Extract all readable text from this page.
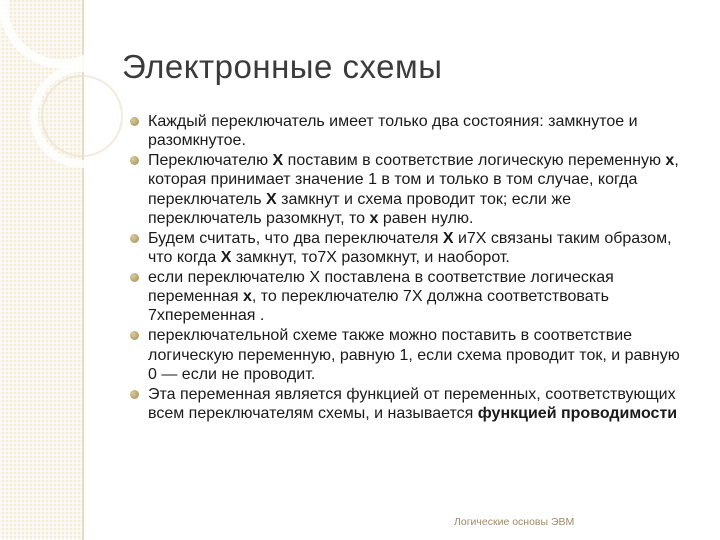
Электронные схемы
Каждый переключатель имеет только два состояния: замкнутое и разомкнутое.
Переключателю X поставим в соответствие логическую переменную x, которая принимает значение 1 в том и только в том случае, когда переключатель X замкнут и схема проводит ток; если же переключатель разомкнут, то x равен нулю.
Будем считать, что два переключателя X и7X связаны таким образом, что когда X замкнут, то7X разомкнут, и наоборот.
если переключателю X поставлена в соответствие логическая переменная x, то переключателю 7X должна соответствовать 7xпеременная .
переключательной схеме также можно поставить в соответствие логическую переменную, равную 1, если схема проводит ток, и равную 0 — если не проводит.
Эта переменная является функцией от переменных, соответствующих всем переключателям схемы, и называется функцией проводимости
Логические основы ЭВМ
